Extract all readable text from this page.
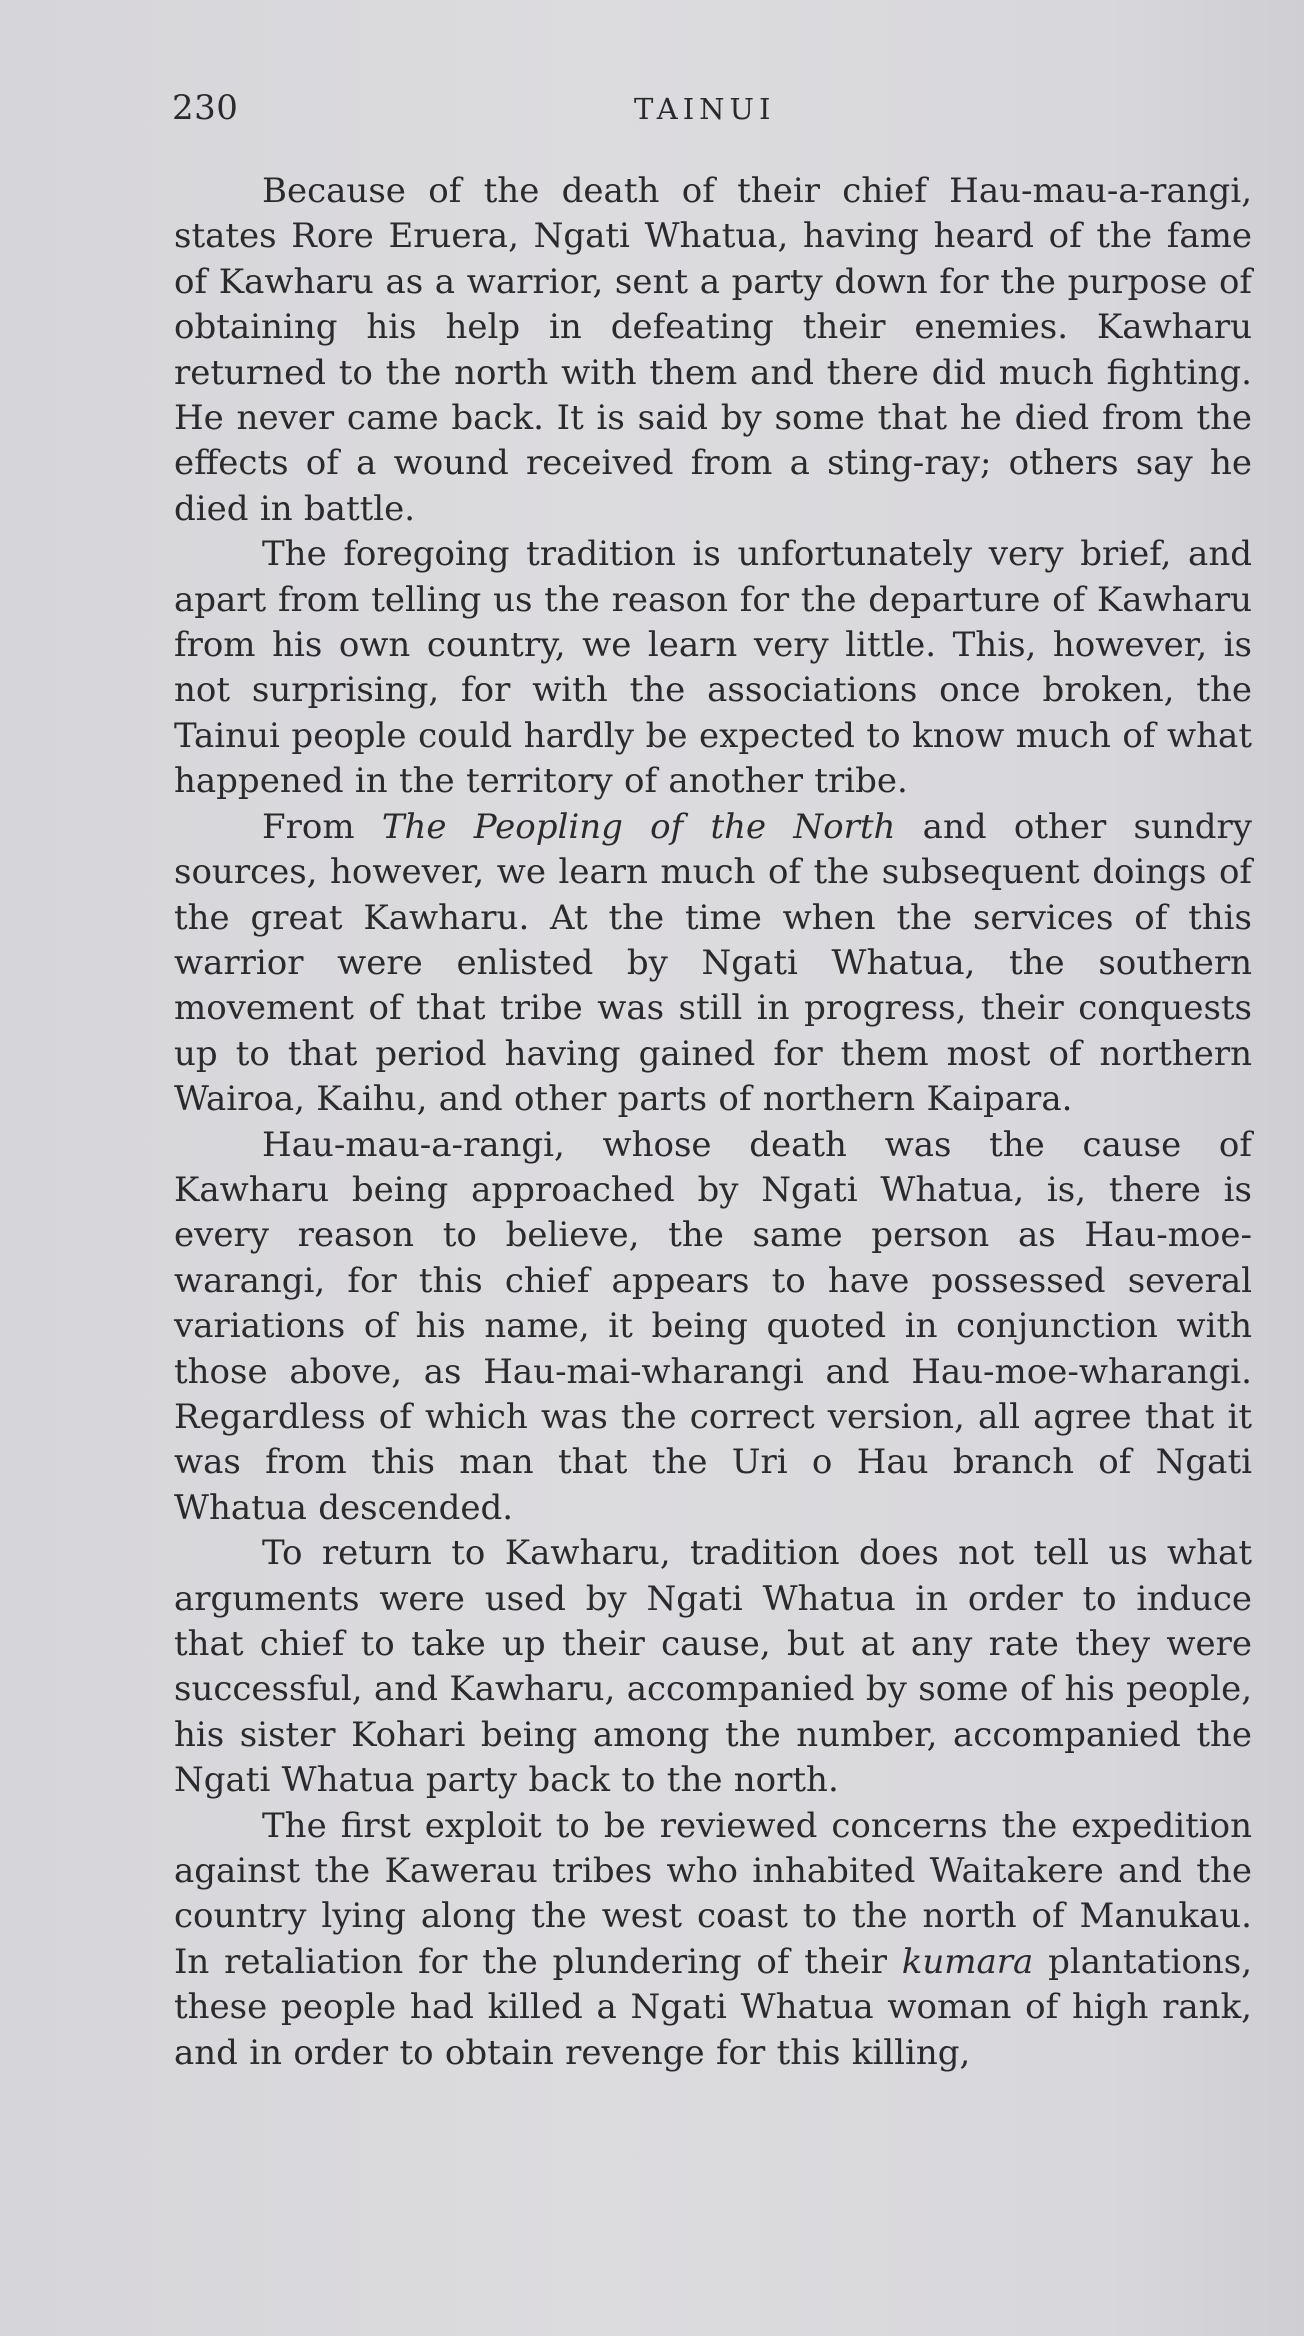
230	TAINUI

Because of the death of their chief Hau-mau-a-rangi, states Rore Eruera, Ngati Whatua, having heard of the fame of Kawharu as a warrior, sent a party down for the purpose of obtaining his help in defeating their enemies. Kawharu returned to the north with them and there did much fighting. He never came back. It is said by some that he died from the effects of a wound received from a sting-ray; others say he died in battle.

The foregoing tradition is unfortunately very brief, and apart from telling us the reason for the departure of Kawharu from his own country, we learn very little. This, however, is not surprising, for with the associations once broken, the Tainui people could hardly be expected to know much of what happened in the territory of another tribe.

From The Peopling of the North and other sundry sources, however, we learn much of the subsequent doings of the great Kawharu. At the time when the services of this warrior were enlisted by Ngati Whatua, the southern movement of that tribe was still in progress, their conquests up to that period having gained for them most of northern Wairoa, Kaihu, and other parts of northern Kaipara.

Hau-mau-a-rangi, whose death was the cause of Kawharu being approached by Ngati Whatua, is, there is every reason to believe, the same person as Hau-moe-warangi, for this chief appears to have possessed several variations of his name, it being quoted in conjunction with those above, as Hau-mai-wharangi and Hau-moe-wharangi. Regardless of which was the correct version, all agree that it was from this man that the Uri o Hau branch of Ngati Whatua descended.

To return to Kawharu, tradition does not tell us what arguments were used by Ngati Whatua in order to induce that chief to take up their cause, but at any rate they were successful, and Kawharu, accompanied by some of his people, his sister Kohari being among the number, accompanied the Ngati Whatua party back to the north.

The first exploit to be reviewed concerns the expedition against the Kawerau tribes who inhabited Waitakere and the country lying along the west coast to the north of Manukau. In retaliation for the plundering of their kumara plantations, these people had killed a Ngati Whatua woman of high rank, and in order to obtain revenge for this killing,
